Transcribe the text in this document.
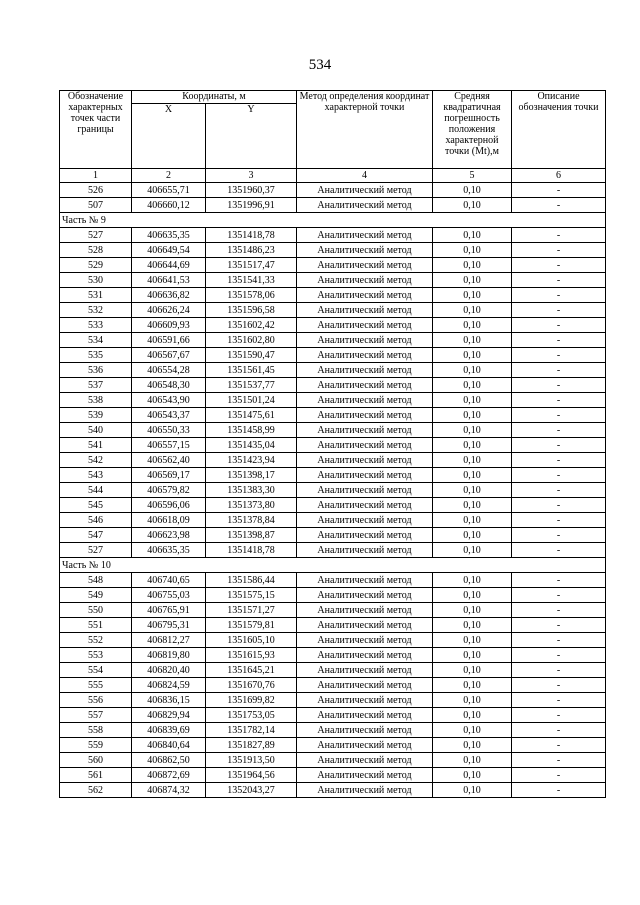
534
Обозначение характерных точек части границы	Координаты, м		Метод определения координат характерной точки	Средняя квадратичная погрешность положения характерной точки (Mt),м	Описание обозначения точки
	X	Y			
1	2	3	4	5	6
526	406655,71	1351960,37	Аналитический метод	0,10	-
507	406660,12	1351996,91	Аналитический метод	0,10	-
Часть № 9					
527	406635,35	1351418,78	Аналитический метод	0,10	-
528	406649,54	1351486,23	Аналитический метод	0,10	-
529	406644,69	1351517,47	Аналитический метод	0,10	-
530	406641,53	1351541,33	Аналитический метод	0,10	-
531	406636,82	1351578,06	Аналитический метод	0,10	-
532	406626,24	1351596,58	Аналитический метод	0,10	-
533	406609,93	1351602,42	Аналитический метод	0,10	-
534	406591,66	1351602,80	Аналитический метод	0,10	-
535	406567,67	1351590,47	Аналитический метод	0,10	-
536	406554,28	1351561,45	Аналитический метод	0,10	-
537	406548,30	1351537,77	Аналитический метод	0,10	-
538	406543,90	1351501,24	Аналитический метод	0,10	-
539	406543,37	1351475,61	Аналитический метод	0,10	-
540	406550,33	1351458,99	Аналитический метод	0,10	-
541	406557,15	1351435,04	Аналитический метод	0,10	-
542	406562,40	1351423,94	Аналитический метод	0,10	-
543	406569,17	1351398,17	Аналитический метод	0,10	-
544	406579,82	1351383,30	Аналитический метод	0,10	-
545	406596,06	1351373,80	Аналитический метод	0,10	-
546	406618,09	1351378,84	Аналитический метод	0,10	-
547	406623,98	1351398,87	Аналитический метод	0,10	-
527	406635,35	1351418,78	Аналитический метод	0,10	-
Часть № 10					
548	406740,65	1351586,44	Аналитический метод	0,10	-
549	406755,03	1351575,15	Аналитический метод	0,10	-
550	406765,91	1351571,27	Аналитический метод	0,10	-
551	406795,31	1351579,81	Аналитический метод	0,10	-
552	406812,27	1351605,10	Аналитический метод	0,10	-
553	406819,80	1351615,93	Аналитический метод	0,10	-
554	406820,40	1351645,21	Аналитический метод	0,10	-
555	406824,59	1351670,76	Аналитический метод	0,10	-
556	406836,15	1351699,82	Аналитический метод	0,10	-
557	406829,94	1351753,05	Аналитический метод	0,10	-
558	406839,69	1351782,14	Аналитический метод	0,10	-
559	406840,64	1351827,89	Аналитический метод	0,10	-
560	406862,50	1351913,50	Аналитический метод	0,10	-
561	406872,69	1351964,56	Аналитический метод	0,10	-
562	406874,32	1352043,27	Аналитический метод	0,10	-
